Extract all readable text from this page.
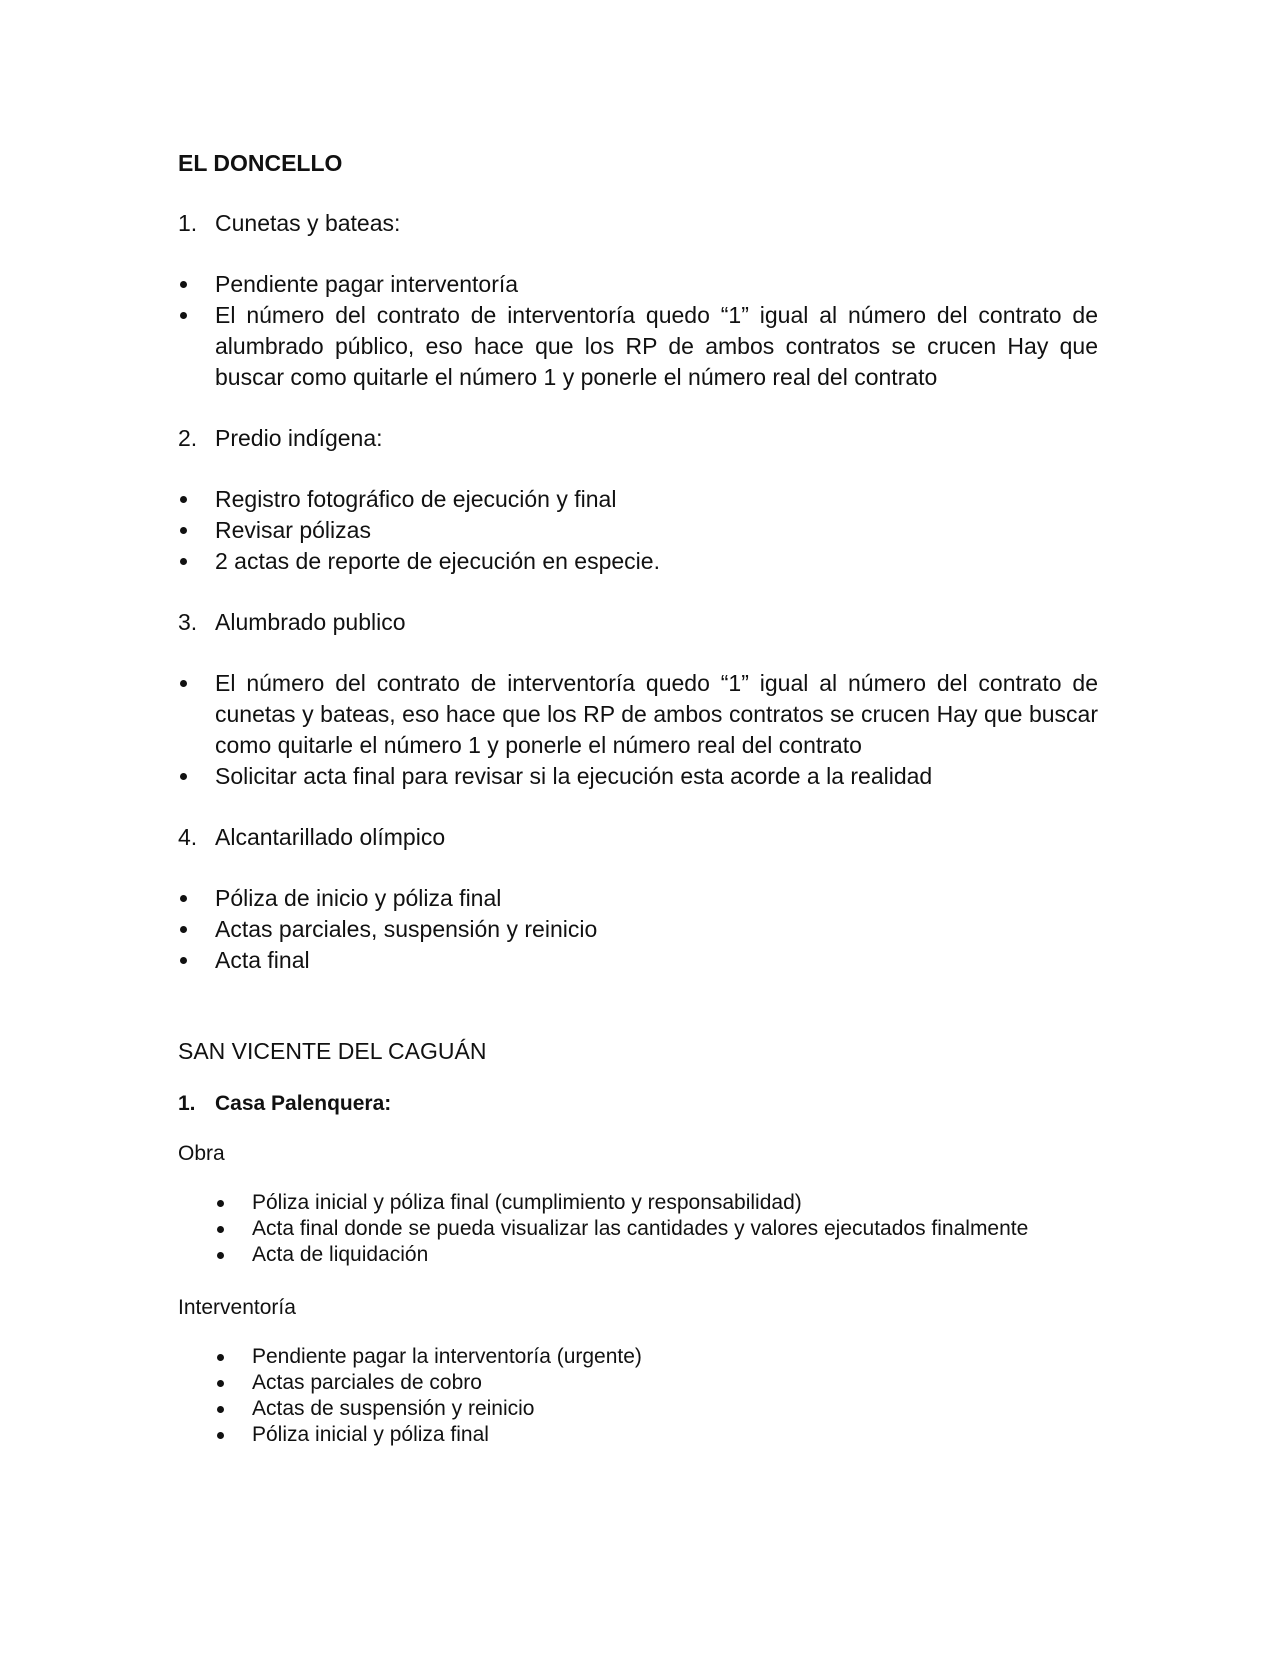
EL DONCELLO
1. Cunetas y bateas:
Pendiente pagar interventoría
El número del contrato de interventoría quedo “1” igual al número del contrato de alumbrado público, eso hace que los RP de ambos contratos se crucen Hay que buscar como quitarle el número 1 y ponerle el número real del contrato
2. Predio indígena:
Registro fotográfico de ejecución y final
Revisar pólizas
2 actas de reporte de ejecución en especie.
3. Alumbrado publico
El número del contrato de interventoría quedo “1” igual al número del contrato de cunetas y bateas, eso hace que los RP de ambos contratos se crucen Hay que buscar como quitarle el número 1 y ponerle el número real del contrato
Solicitar acta final para revisar si la ejecución esta acorde a la realidad
4. Alcantarillado olímpico
Póliza de inicio y póliza final
Actas parciales, suspensión y reinicio
Acta final
SAN VICENTE DEL CAGUÁN
1. Casa Palenquera:
Obra
Póliza inicial y póliza final (cumplimiento y responsabilidad)
Acta final donde se pueda visualizar las cantidades y valores ejecutados finalmente
Acta de liquidación
Interventoría
Pendiente pagar la interventoría (urgente)
Actas parciales de cobro
Actas de suspensión y reinicio
Póliza inicial y póliza final
